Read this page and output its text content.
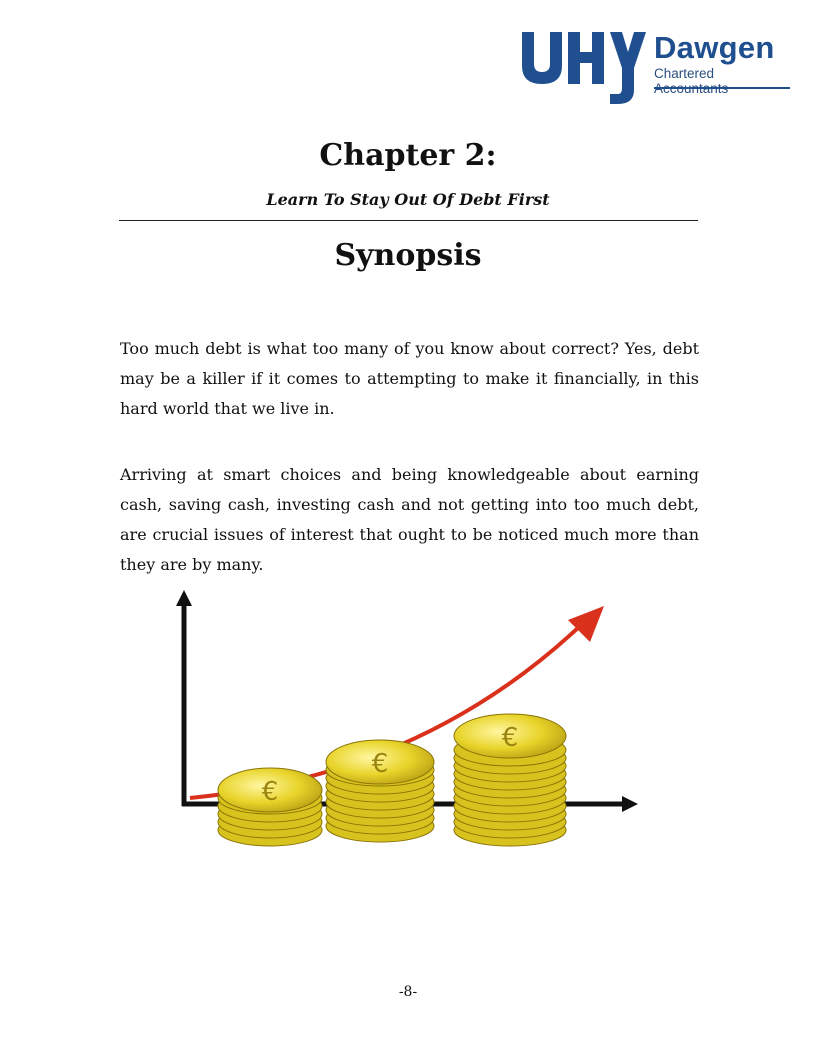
Dawgen
Chartered
Chapter 2:
Learn To Stay Out Of Debt First
Synopsis

Too much debt is what too many of you know about correct? Yes, debt may be a killer if it comes to attempting to make it financially, in this hard world that we live in.

Arriving at smart choices and being knowledgeable about earning cash, saving cash, investing cash and not getting into too much debt, are crucial issues of interest that ought to be noticed much more than they are by many.

€
€
€
-8-
